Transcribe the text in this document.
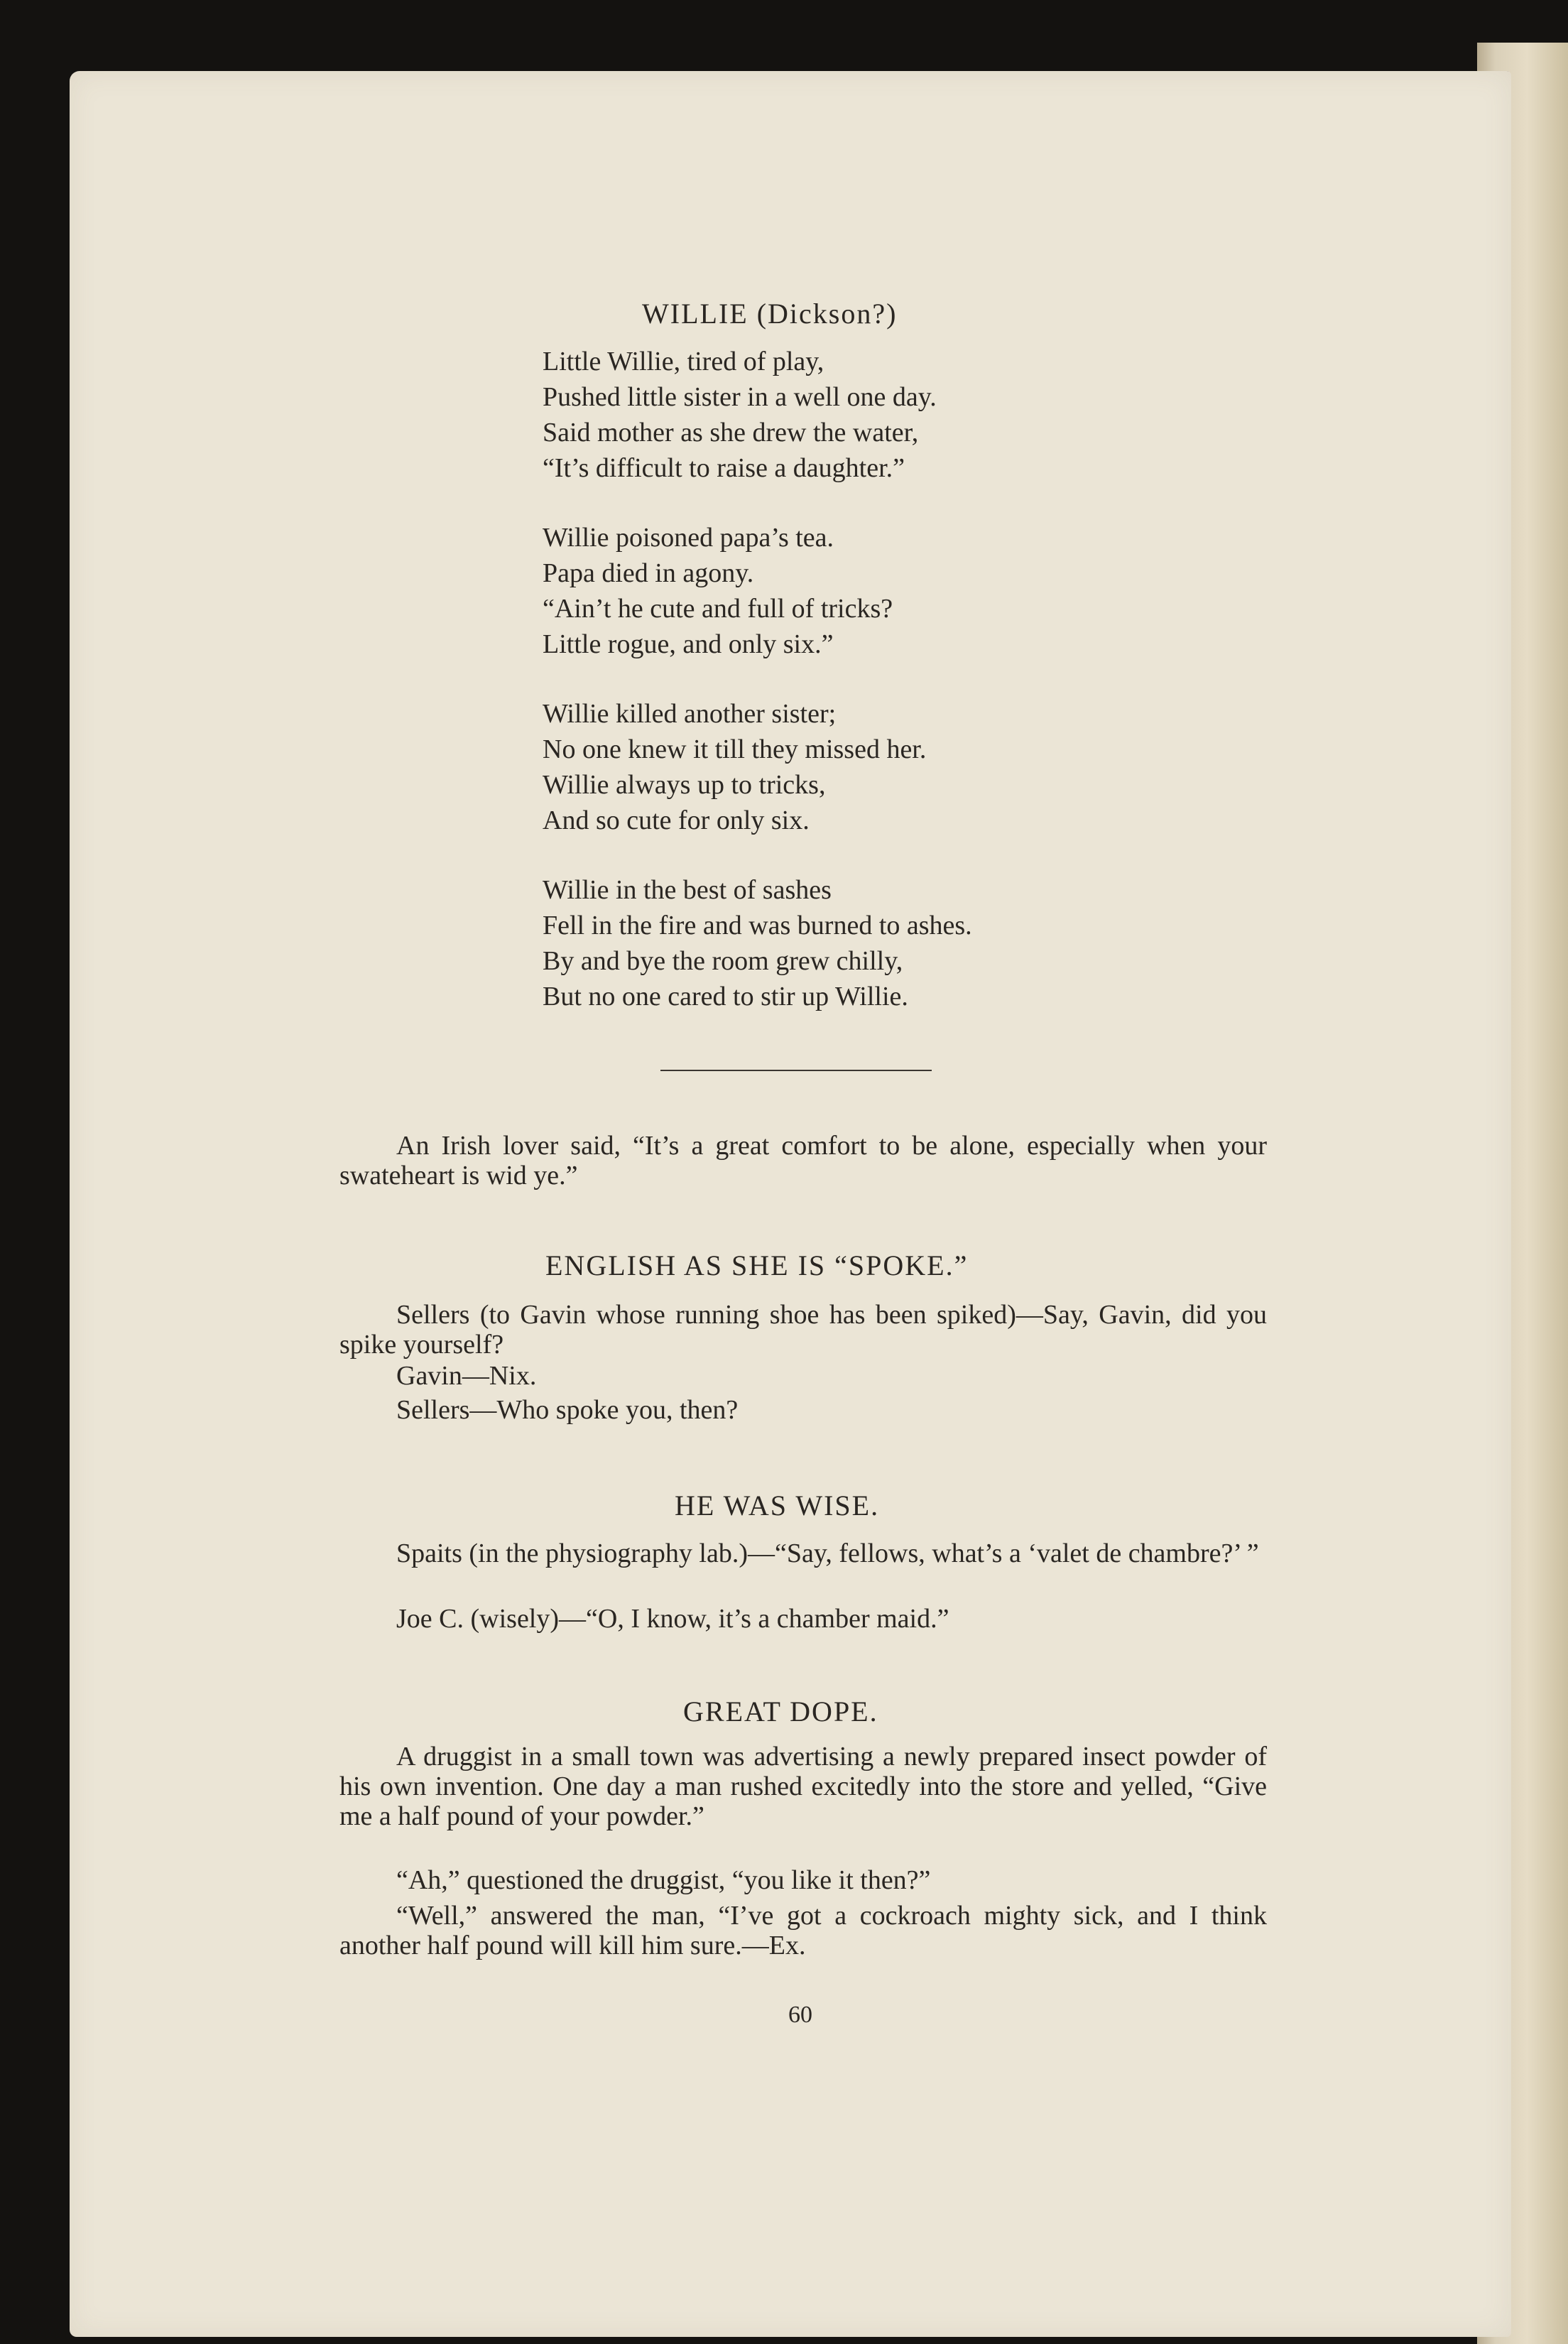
WILLIE (Dickson?)
Little Willie, tired of play,
Pushed little sister in a well one day.
Said mother as she drew the water,
“It’s difficult to raise a daughter.”
Willie poisoned papa’s tea.
Papa died in agony.
“Ain’t he cute and full of tricks?
Little rogue, and only six.”
Willie killed another sister;
No one knew it till they missed her.
Willie always up to tricks,
And so cute for only six.
Willie in the best of sashes
Fell in the fire and was burned to ashes.
By and bye the room grew chilly,
But no one cared to stir up Willie.
An Irish lover said, “It’s a great comfort to be alone, especially when your swateheart is wid ye.”
ENGLISH AS SHE IS “SPOKE.”
Sellers (to Gavin whose running shoe has been spiked)—Say, Gavin, did you spike yourself?
Gavin—Nix.
Sellers—Who spoke you, then?
HE WAS WISE.
Spaits (in the physiography lab.)—“Say, fellows, what’s a ‘valet de chambre?’ ”
Joe C. (wisely)—“O, I know, it’s a chamber maid.”
GREAT DOPE.
A druggist in a small town was advertising a newly prepared insect powder of his own invention. One day a man rushed excitedly into the store and yelled, “Give me a half pound of your powder.”
“Ah,” questioned the druggist, “you like it then?”
“Well,” answered the man, “I’ve got a cockroach mighty sick, and I think another half pound will kill him sure.—Ex.
60
